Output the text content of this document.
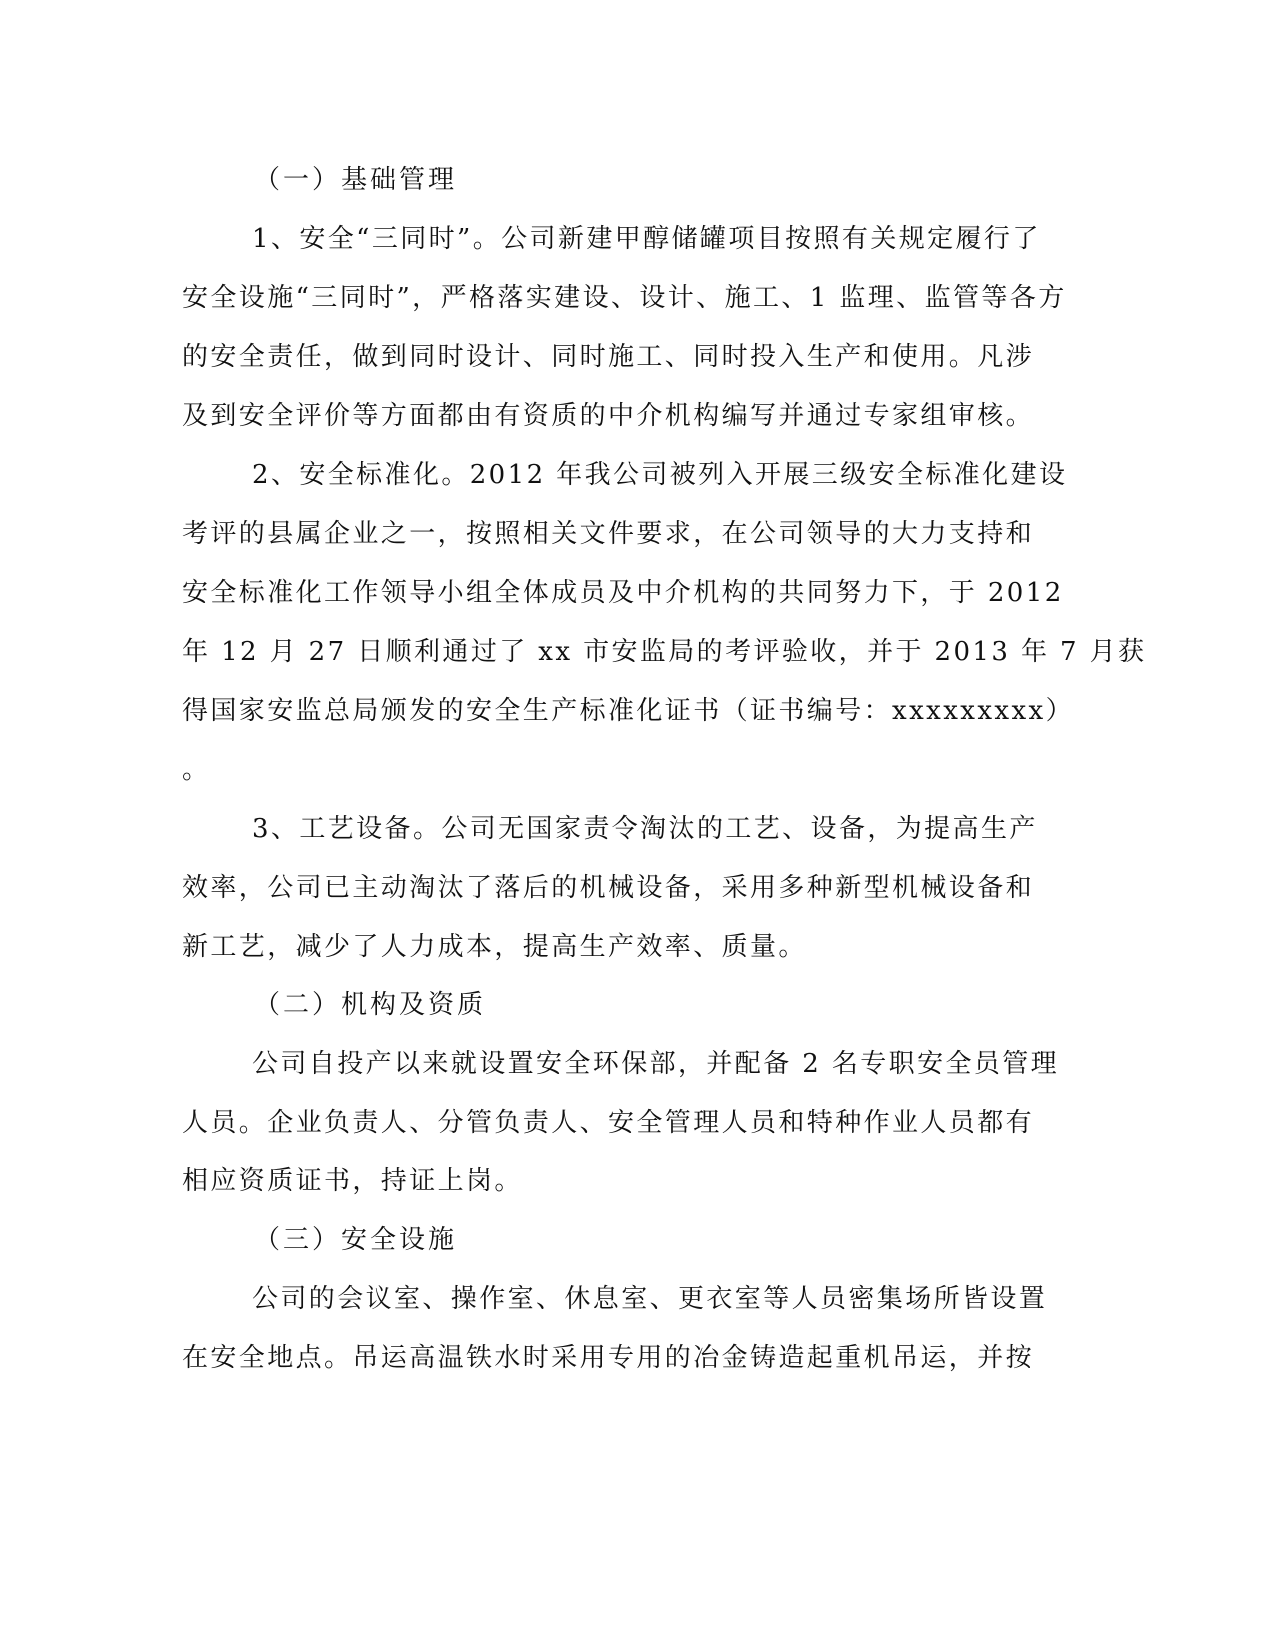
（一）基础管理
1、安全“三同时”。公司新建甲醇储罐项目按照有关规定履行了
安全设施“三同时”，严格落实建设、设计、施工、1 监理、监管等各方
的安全责任，做到同时设计、同时施工、同时投入生产和使用。凡涉
及到安全评价等方面都由有资质的中介机构编写并通过专家组审核。
2、安全标准化。2012 年我公司被列入开展三级安全标准化建设
考评的县属企业之一，按照相关文件要求，在公司领导的大力支持和
安全标准化工作领导小组全体成员及中介机构的共同努力下，于 2012
年 12 月 27 日顺利通过了 xx 市安监局的考评验收，并于 2013 年 7 月获
得国家安监总局颁发的安全生产标准化证书（证书编号：xxxxxxxxx）
。
3、工艺设备。公司无国家责令淘汰的工艺、设备，为提高生产
效率，公司已主动淘汰了落后的机械设备，采用多种新型机械设备和
新工艺，减少了人力成本，提高生产效率、质量。
（二）机构及资质
公司自投产以来就设置安全环保部，并配备 2 名专职安全员管理
人员。企业负责人、分管负责人、安全管理人员和特种作业人员都有
相应资质证书，持证上岗。
（三）安全设施
公司的会议室、操作室、休息室、更衣室等人员密集场所皆设置
在安全地点。吊运高温铁水时采用专用的冶金铸造起重机吊运，并按
